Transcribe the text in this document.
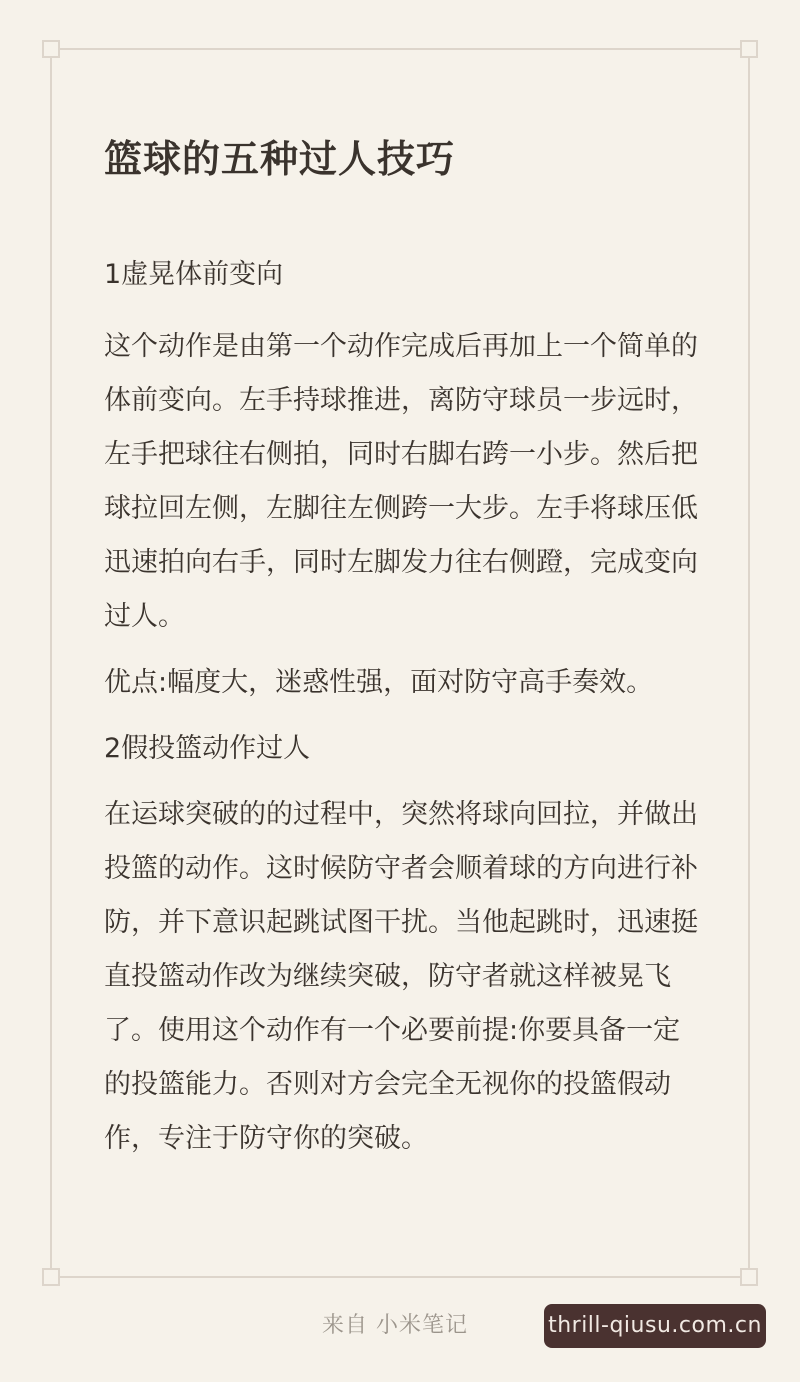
篮球的五种过人技巧

1虚晃体前变向

这个动作是由第一个动作完成后再加上一个简单的体前变向。左手持球推进，离防守球员一步远时，左手把球往右侧拍，同时右脚右跨一小步。然后把球拉回左侧，左脚往左侧跨一大步。左手将球压低迅速拍向右手，同时左脚发力往右侧蹬，完成变向过人。

优点:幅度大，迷惑性强，面对防守高手奏效。

2假投篮动作过人

在运球突破的的过程中，突然将球向回拉，并做出投篮的动作。这时候防守者会顺着球的方向进行补防，并下意识起跳试图干扰。当他起跳时，迅速挺直投篮动作改为继续突破，防守者就这样被晃飞了。使用这个动作有一个必要前提:你要具备一定的投篮能力。否则对方会完全无视你的投篮假动作，专注于防守你的突破。

来自 小米笔记	thrill-qiusu.com.cn
